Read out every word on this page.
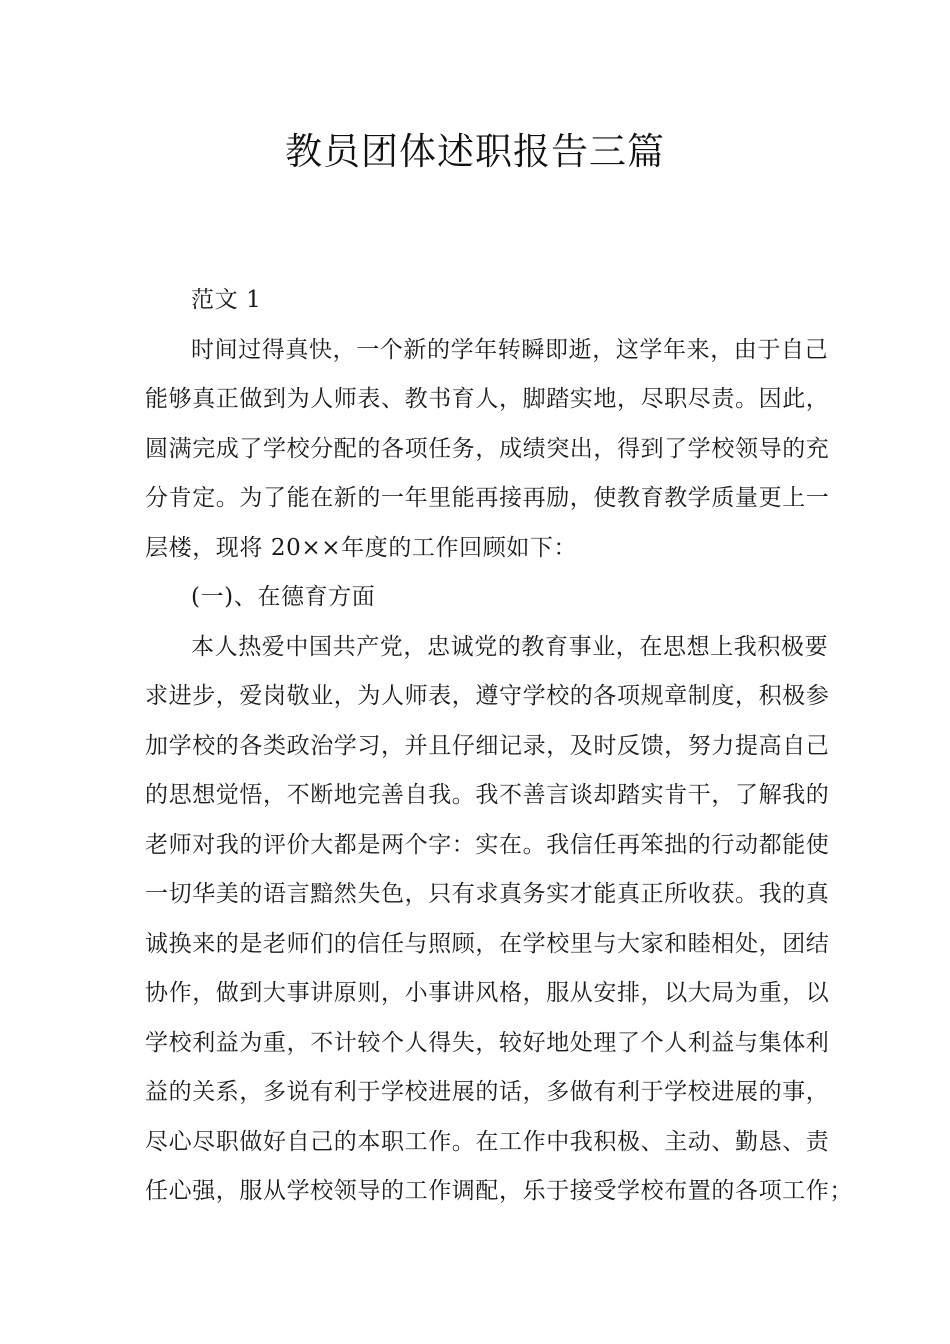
教员团体述职报告三篇
范文 1
时间过得真快，一个新的学年转瞬即逝，这学年来，由于自己
能够真正做到为人师表、教书育人，脚踏实地，尽职尽责。因此，
圆满完成了学校分配的各项任务，成绩突出，得到了学校领导的充
分肯定。为了能在新的一年里能再接再励，使教育教学质量更上一
层楼，现将 20××年度的工作回顾如下：
(一)、在德育方面
本人热爱中国共产党，忠诚党的教育事业，在思想上我积极要
求进步，爱岗敬业，为人师表，遵守学校的各项规章制度，积极参
加学校的各类政治学习，并且仔细记录，及时反馈，努力提高自己
的思想觉悟，不断地完善自我。我不善言谈却踏实肯干，了解我的
老师对我的评价大都是两个字：实在。我信任再笨拙的行动都能使
一切华美的语言黯然失色，只有求真务实才能真正所收获。我的真
诚换来的是老师们的信任与照顾，在学校里与大家和睦相处，团结
协作，做到大事讲原则，小事讲风格，服从安排，以大局为重，以
学校利益为重，不计较个人得失，较好地处理了个人利益与集体利
益的关系，多说有利于学校进展的话，多做有利于学校进展的事，
尽心尽职做好自己的本职工作。在工作中我积极、主动、勤恳、责
任心强，服从学校领导的工作调配，乐于接受学校布置的各项工作；
